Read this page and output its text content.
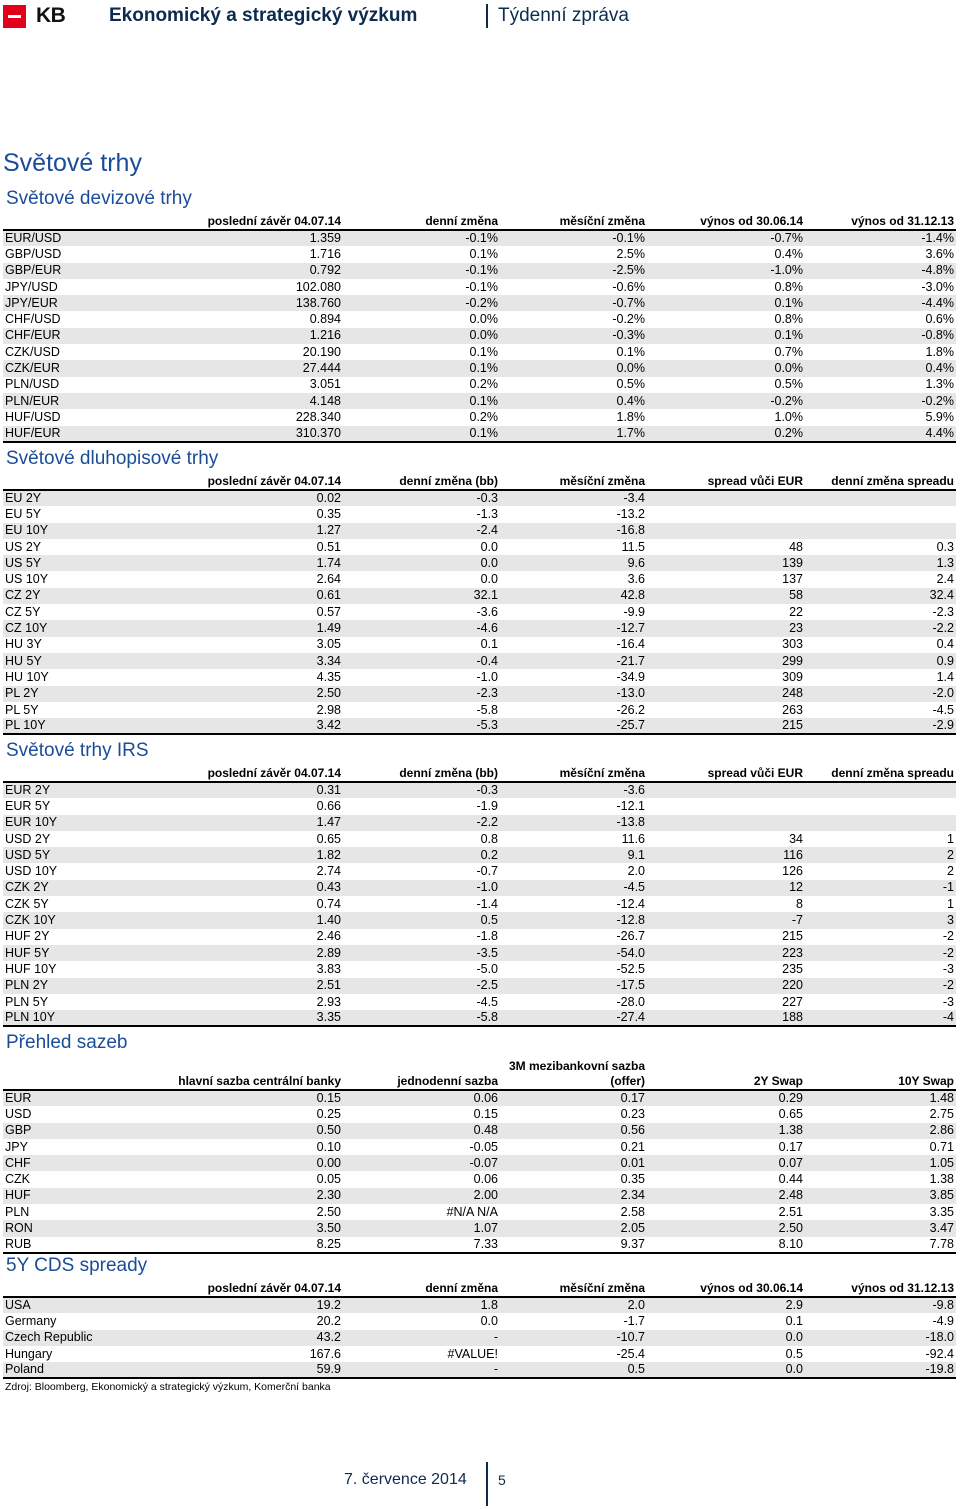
KB Ekonomický a strategický výzkum	Týdenní zpráva
Světové trhy
Světové devizové trhy
	poslední závěr 04.07.14	denní změna	měsíční změna	výnos od 30.06.14	výnos od 31.12.13
EUR/USD	1.359	-0.1%	-0.1%	-0.7%	-1.4%
GBP/USD	1.716	0.1%	2.5%	0.4%	3.6%
GBP/EUR	0.792	-0.1%	-2.5%	-1.0%	-4.8%
JPY/USD	102.080	-0.1%	-0.6%	0.8%	-3.0%
JPY/EUR	138.760	-0.2%	-0.7%	0.1%	-4.4%
CHF/USD	0.894	0.0%	-0.2%	0.8%	0.6%
CHF/EUR	1.216	0.0%	-0.3%	0.1%	-0.8%
CZK/USD	20.190	0.1%	0.1%	0.7%	1.8%
CZK/EUR	27.444	0.1%	0.0%	0.0%	0.4%
PLN/USD	3.051	0.2%	0.5%	0.5%	1.3%
PLN/EUR	4.148	0.1%	0.4%	-0.2%	-0.2%
HUF/USD	228.340	0.2%	1.8%	1.0%	5.9%
HUF/EUR	310.370	0.1%	1.7%	0.2%	4.4%
Světové dluhopisové trhy
	poslední závěr 04.07.14	denní změna (bb)	měsíční změna	spread vůči EUR	denní změna spreadu
EU 2Y	0.02	-0.3	-3.4		
EU 5Y	0.35	-1.3	-13.2		
EU 10Y	1.27	-2.4	-16.8		
US 2Y	0.51	0.0	11.5	48	0.3
US 5Y	1.74	0.0	9.6	139	1.3
US 10Y	2.64	0.0	3.6	137	2.4
CZ 2Y	0.61	32.1	42.8	58	32.4
CZ 5Y	0.57	-3.6	-9.9	22	-2.3
CZ 10Y	1.49	-4.6	-12.7	23	-2.2
HU 3Y	3.05	0.1	-16.4	303	0.4
HU 5Y	3.34	-0.4	-21.7	299	0.9
HU 10Y	4.35	-1.0	-34.9	309	1.4
PL 2Y	2.50	-2.3	-13.0	248	-2.0
PL 5Y	2.98	-5.8	-26.2	263	-4.5
PL 10Y	3.42	-5.3	-25.7	215	-2.9
Světové trhy IRS
	poslední závěr 04.07.14	denní změna (bb)	měsíční změna	spread vůči EUR	denní změna spreadu
EUR 2Y	0.31	-0.3	-3.6		
EUR 5Y	0.66	-1.9	-12.1		
EUR 10Y	1.47	-2.2	-13.8		
USD 2Y	0.65	0.8	11.6	34	1
USD 5Y	1.82	0.2	9.1	116	2
USD 10Y	2.74	-0.7	2.0	126	2
CZK 2Y	0.43	-1.0	-4.5	12	-1
CZK 5Y	0.74	-1.4	-12.4	8	1
CZK 10Y	1.40	0.5	-12.8	-7	3
HUF 2Y	2.46	-1.8	-26.7	215	-2
HUF 5Y	2.89	-3.5	-54.0	223	-2
HUF 10Y	3.83	-5.0	-52.5	235	-3
PLN 2Y	2.51	-2.5	-17.5	220	-2
PLN 5Y	2.93	-4.5	-28.0	227	-3
PLN 10Y	3.35	-5.8	-27.4	188	-4
Přehled sazeb
	hlavní sazba centrální banky	jednodenní sazba	3M mezibankovní sazba (offer)	2Y Swap	10Y Swap
EUR	0.15	0.06	0.17	0.29	1.48
USD	0.25	0.15	0.23	0.65	2.75
GBP	0.50	0.48	0.56	1.38	2.86
JPY	0.10	-0.05	0.21	0.17	0.71
CHF	0.00	-0.07	0.01	0.07	1.05
CZK	0.05	0.06	0.35	0.44	1.38
HUF	2.30	2.00	2.34	2.48	3.85
PLN	2.50	#N/A N/A	2.58	2.51	3.35
RON	3.50	1.07	2.05	2.50	3.47
RUB	8.25	7.33	9.37	8.10	7.78
5Y CDS spready
	poslední závěr 04.07.14	denní změna	měsíční změna	výnos od 30.06.14	výnos od 31.12.13
USA	19.2	1.8	2.0	2.9	-9.8
Germany	20.2	0.0	-1.7	0.1	-4.9
Czech Republic	43.2	-	-10.7	0.0	-18.0
Hungary	167.6	#VALUE!	-25.4	0.5	-92.4
Poland	59.9	-	0.5	0.0	-19.8
Zdroj: Bloomberg, Ekonomický a strategický výzkum, Komerční banka
7. července 2014 5
